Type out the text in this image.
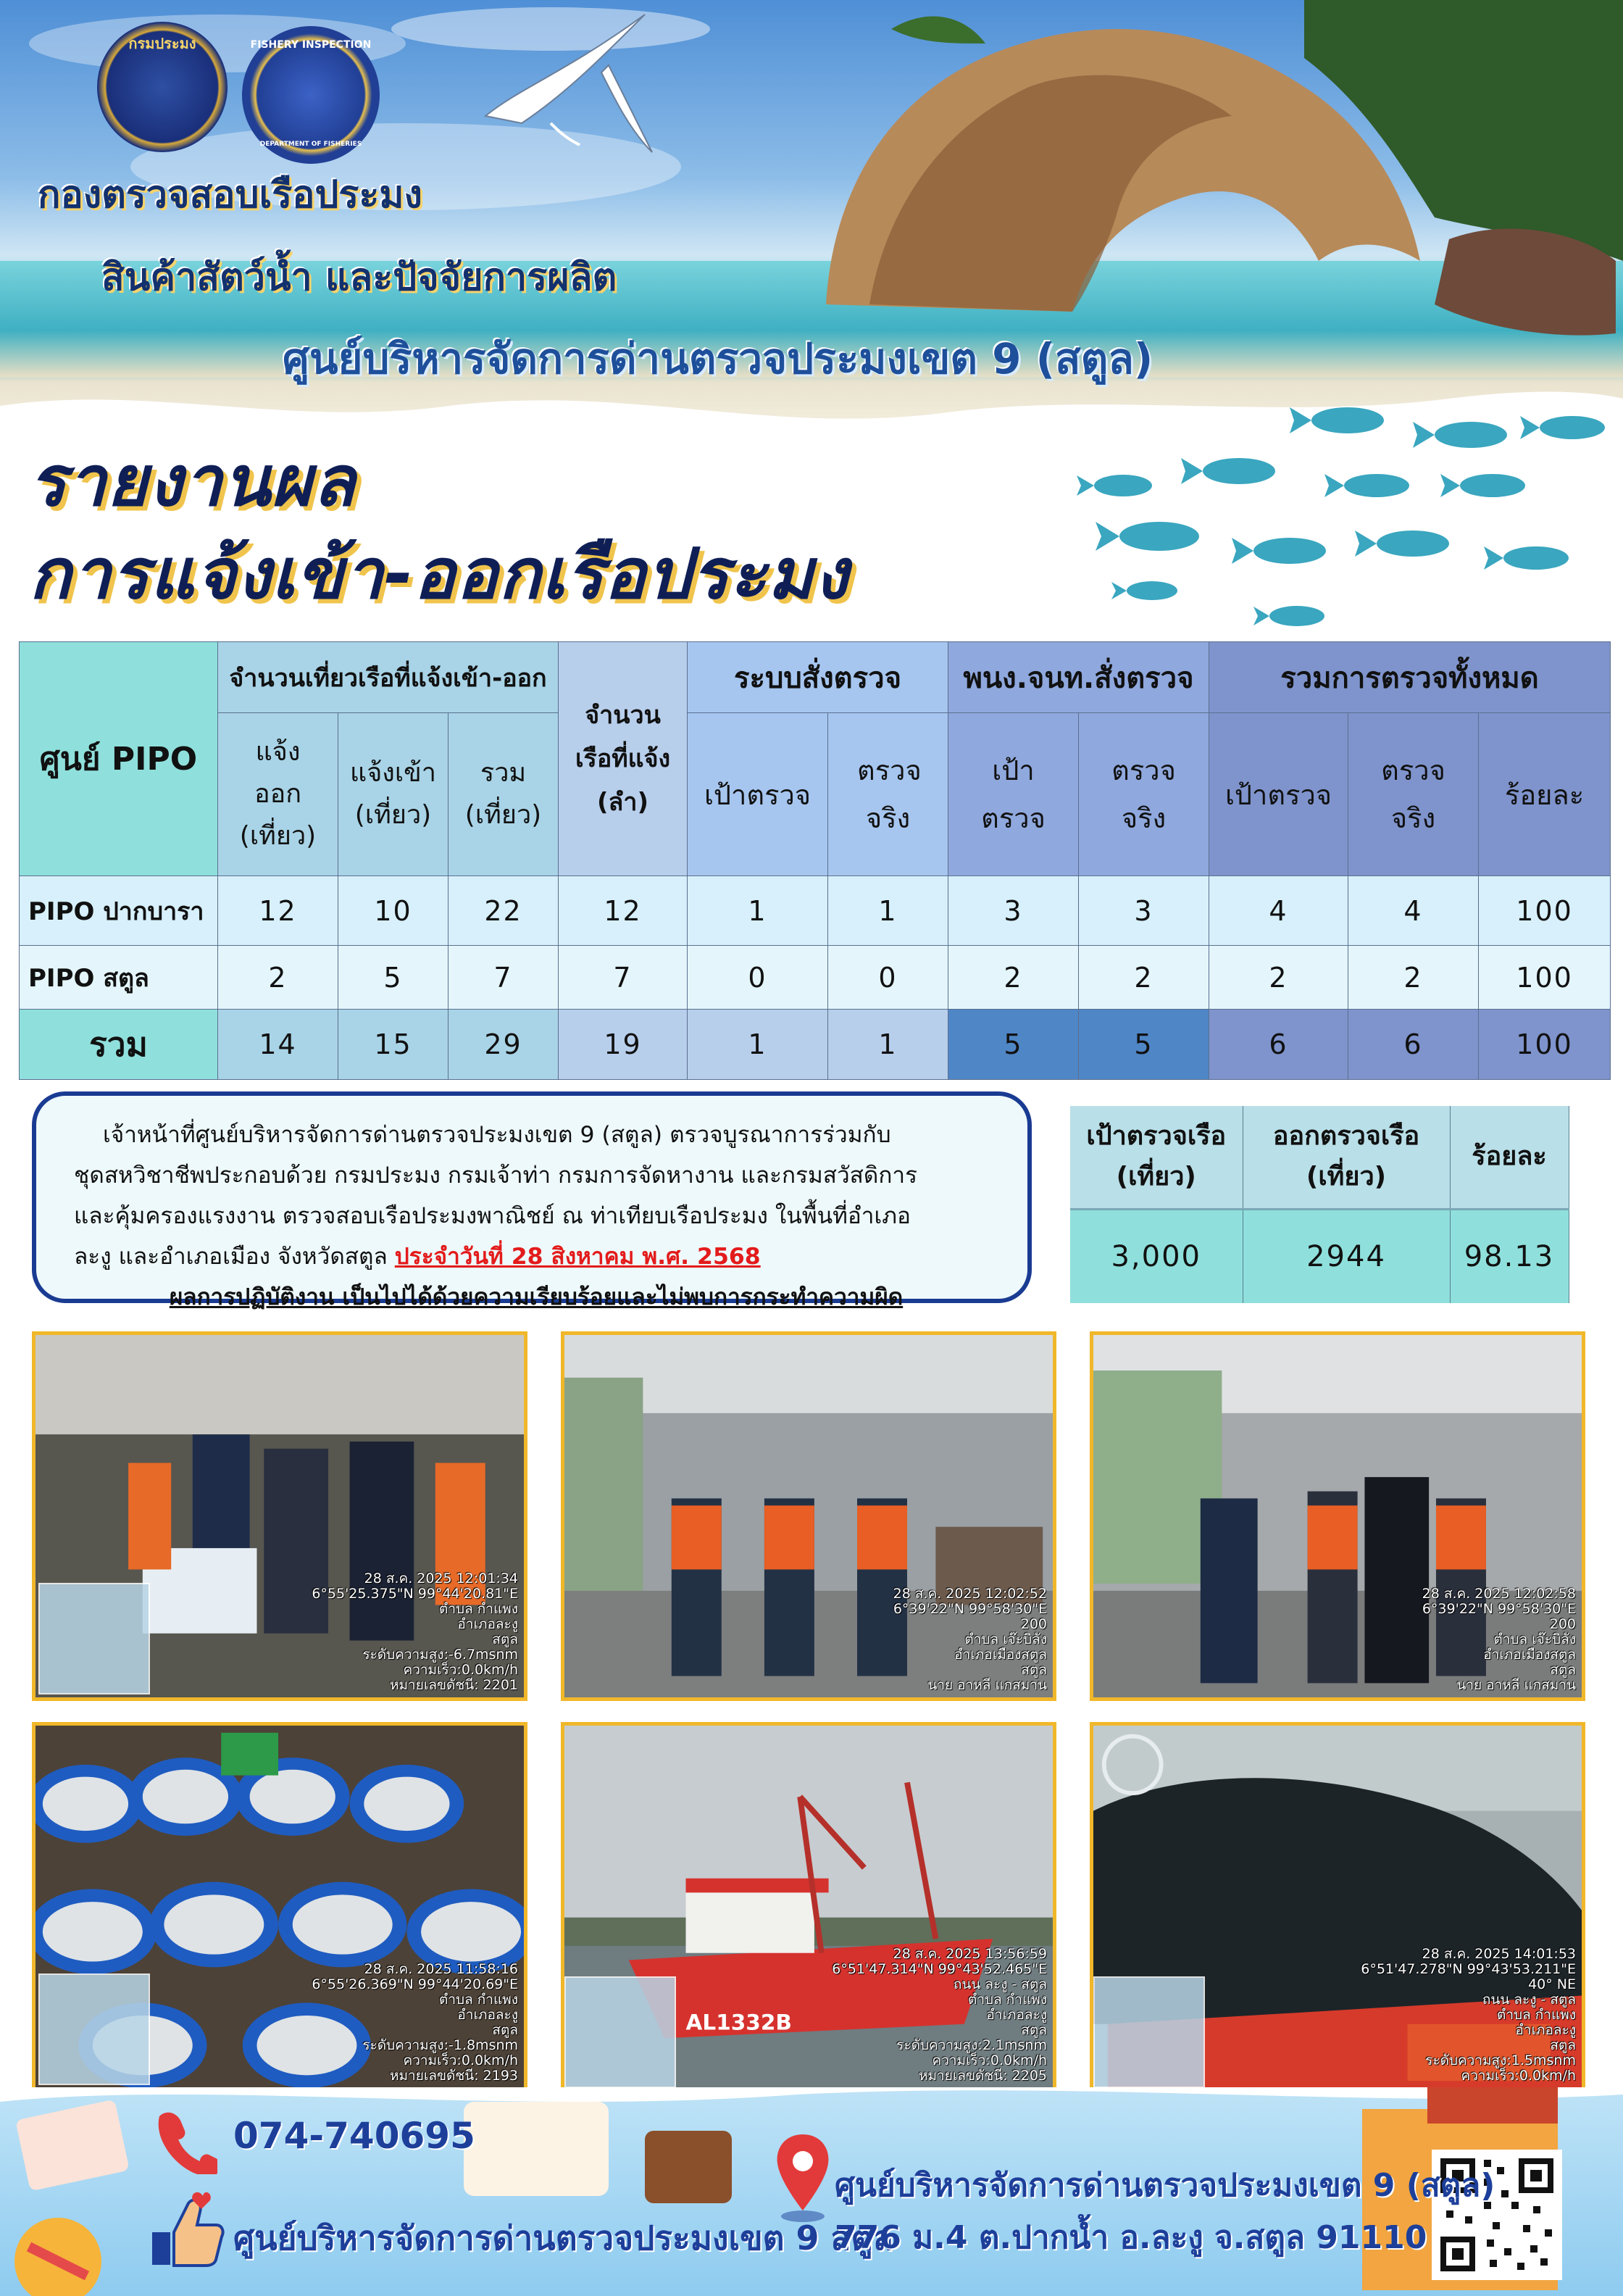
กรมประมง	FISHERY INSPECTION
DEPARTMENT OF FISHERIES
กองตรวจสอบเรือประมง
สินค้าสัตว์น้ำ และปัจจัยการผลิต
ศูนย์บริหารจัดการด่านตรวจประมงเขต 9 (สตูล)
รายงานผล
การแจ้งเข้า-ออกเรือประมง
ศูนย์ PIPO	จำนวนเที่ยวเรือที่แจ้งเข้า-ออก			จำนวนเรือที่แจ้ง (ลำ)	ระบบสั่งตรวจ		พนง.จนท.สั่งตรวจ		รวมการตรวจทั้งหมด		
	แจ้งออก (เที่ยว)	แจ้งเข้า (เที่ยว)	รวม (เที่ยว)		เป้าตรวจ	ตรวจจริง	เป้าตรวจ	ตรวจจริง	เป้าตรวจ	ตรวจจริง	ร้อยละ
PIPO ปากบารา	12	10	22	12	1	1	3	3	4	4	100
PIPO สตูล	2	5	7	7	0	0	2	2	2	2	100
รวม	14	15	29	19	1	1	5	5	6	6	100

เจ้าหน้าที่ศูนย์บริหารจัดการด่านตรวจประมงเขต 9 (สตูล) ตรวจบูรณาการร่วมกับ

ชุดสหวิชาชีพประกอบด้วย กรมประมง กรมเจ้าท่า กรมการจัดหางาน และกรมสวัสดิการ

และคุ้มครองแรงงาน ตรวจสอบเรือประมงพาณิชย์ ณ ท่าเทียบเรือประมง ในพื้นที่อำเภอ

ละงู และอำเภอเมือง จังหวัดสตูล ประจำวันที่ 28 สิงหาคม พ.ศ. 2568

ผลการปฏิบัติงาน เป็นไปได้ด้วยความเรียบร้อยและไม่พบการกระทำความผิด

เป้าตรวจเรือ (เที่ยว)	ออกตรวจเรือ (เที่ยว)	ร้อยละ
3,000	2944	98.13
28 ส.ค. 2025 12:01:34
6°55'25.375"N 99°44'20.81"E
ตำบล กำแพง
อำเภอละงู
สตูล
ระดับความสูง:-6.7msnm
ความเร็ว:0.0km/h
หมายเลขดัชนี: 2201
28 ส.ค. 2025 12:02:52
6°39'22"N 99°58'30"E
200
ตำบล เจ๊ะบิลัง
อำเภอเมืองสตูล
สตูล
นาย อาหลี แกสมาน
28 ส.ค. 2025 12:02:58
6°39'22"N 99°58'30"E
200
ตำบล เจ๊ะบิลัง
อำเภอเมืองสตูล
สตูล
นาย อาหลี แกสมาน
28 ส.ค. 2025 11:58:16
6°55'26.369"N 99°44'20.69"E
ตำบล กำแพง
อำเภอละงู
สตูล
ระดับความสูง:-1.8msnm
ความเร็ว:0.0km/h
หมายเลขดัชนี: 2193
AL1332B
28 ส.ค. 2025 13:56:59
6°51'47.314"N 99°43'52.465"E
ถนน ละงู - สตูล
ตำบล กำแพง
อำเภอละงู
สตูล
ระดับความสูง:2.1msnm
ความเร็ว:0.0km/h
หมายเลขดัชนี: 2205
28 ส.ค. 2025 14:01:53
6°51'47.278"N 99°43'53.211"E
40° NE
ถนน ละงู - สตูล
ตำบล กำแพง
อำเภอละงู
สตูล
ระดับความสูง:1.5msnm
ความเร็ว:0.0km/h
074-740695
ศูนย์บริหารจัดการด่านตรวจประมงเขต 9 สตูล
ศูนย์บริหารจัดการด่านตรวจประมงเขต 9 (สตูล)
776 ม.4 ต.ปากน้ำ อ.ละงู จ.สตูล 91110
